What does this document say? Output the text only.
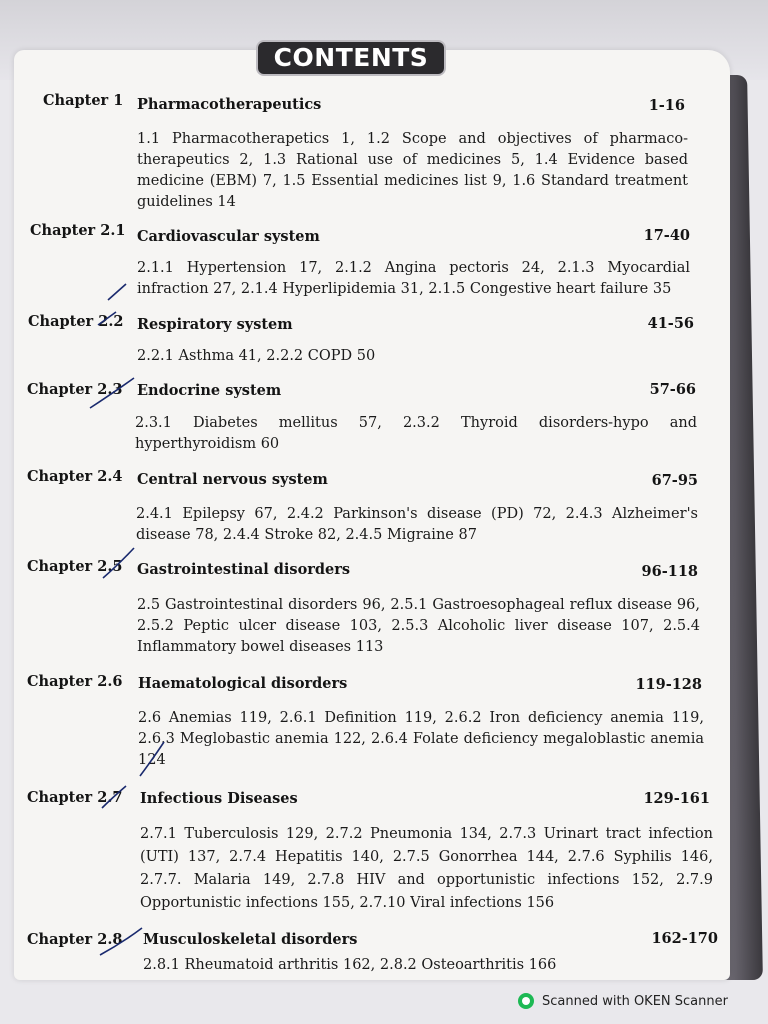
CONTENTS
Chapter 1 Pharmacotherapeutics	1-16
1.1 Pharmacotherapetics 1, 1.2 Scope and objectives of pharmaco-therapeutics 2, 1.3 Rational use of medicines 5, 1.4 Evidence based medicine (EBM) 7, 1.5 Essential medicines list 9, 1.6 Standard treatment guidelines 14
Chapter 2.1 Cardiovascular system	17-40
2.1.1 Hypertension 17, 2.1.2 Angina pectoris 24, 2.1.3 Myocardial infraction 27, 2.1.4 Hyperlipidemia 31, 2.1.5 Congestive heart failure 35
Chapter 2.2 Respiratory system	41-56
2.2.1 Asthma 41, 2.2.2 COPD 50
Chapter 2.3 Endocrine system	57-66
2.3.1 Diabetes mellitus 57, 2.3.2 Thyroid disorders-hypo and hyperthyroidism 60
Chapter 2.4 Central nervous system	67-95
2.4.1 Epilepsy 67, 2.4.2 Parkinson's disease (PD) 72, 2.4.3 Alzheimer's disease 78, 2.4.4 Stroke 82, 2.4.5 Migraine 87
Chapter 2.5 Gastrointestinal disorders	96-118
2.5 Gastrointestinal disorders 96, 2.5.1 Gastroesophageal reflux disease 96, 2.5.2 Peptic ulcer disease 103, 2.5.3 Alcoholic liver disease 107, 2.5.4 Inflammatory bowel diseases 113
Chapter 2.6 Haematological disorders	119-128
2.6 Anemias 119, 2.6.1 Definition 119, 2.6.2 Iron deficiency anemia 119, 2.6.3 Meglobastic anemia 122, 2.6.4 Folate deficiency megaloblastic anemia 124
Chapter 2.7 Infectious Diseases	129-161
2.7.1 Tuberculosis 129, 2.7.2 Pneumonia 134, 2.7.3 Urinart tract infection (UTI) 137, 2.7.4 Hepatitis 140, 2.7.5 Gonorrhea 144, 2.7.6 Syphilis 146, 2.7.7. Malaria 149, 2.7.8 HIV and opportunistic infections 152, 2.7.9 Opportunistic infections 155, 2.7.10 Viral infections 156
Chapter 2.8 Musculoskeletal disorders	162-170
2.8.1 Rheumatoid arthritis 162, 2.8.2 Osteoarthritis 166
Scanned with OKEN Scanner
